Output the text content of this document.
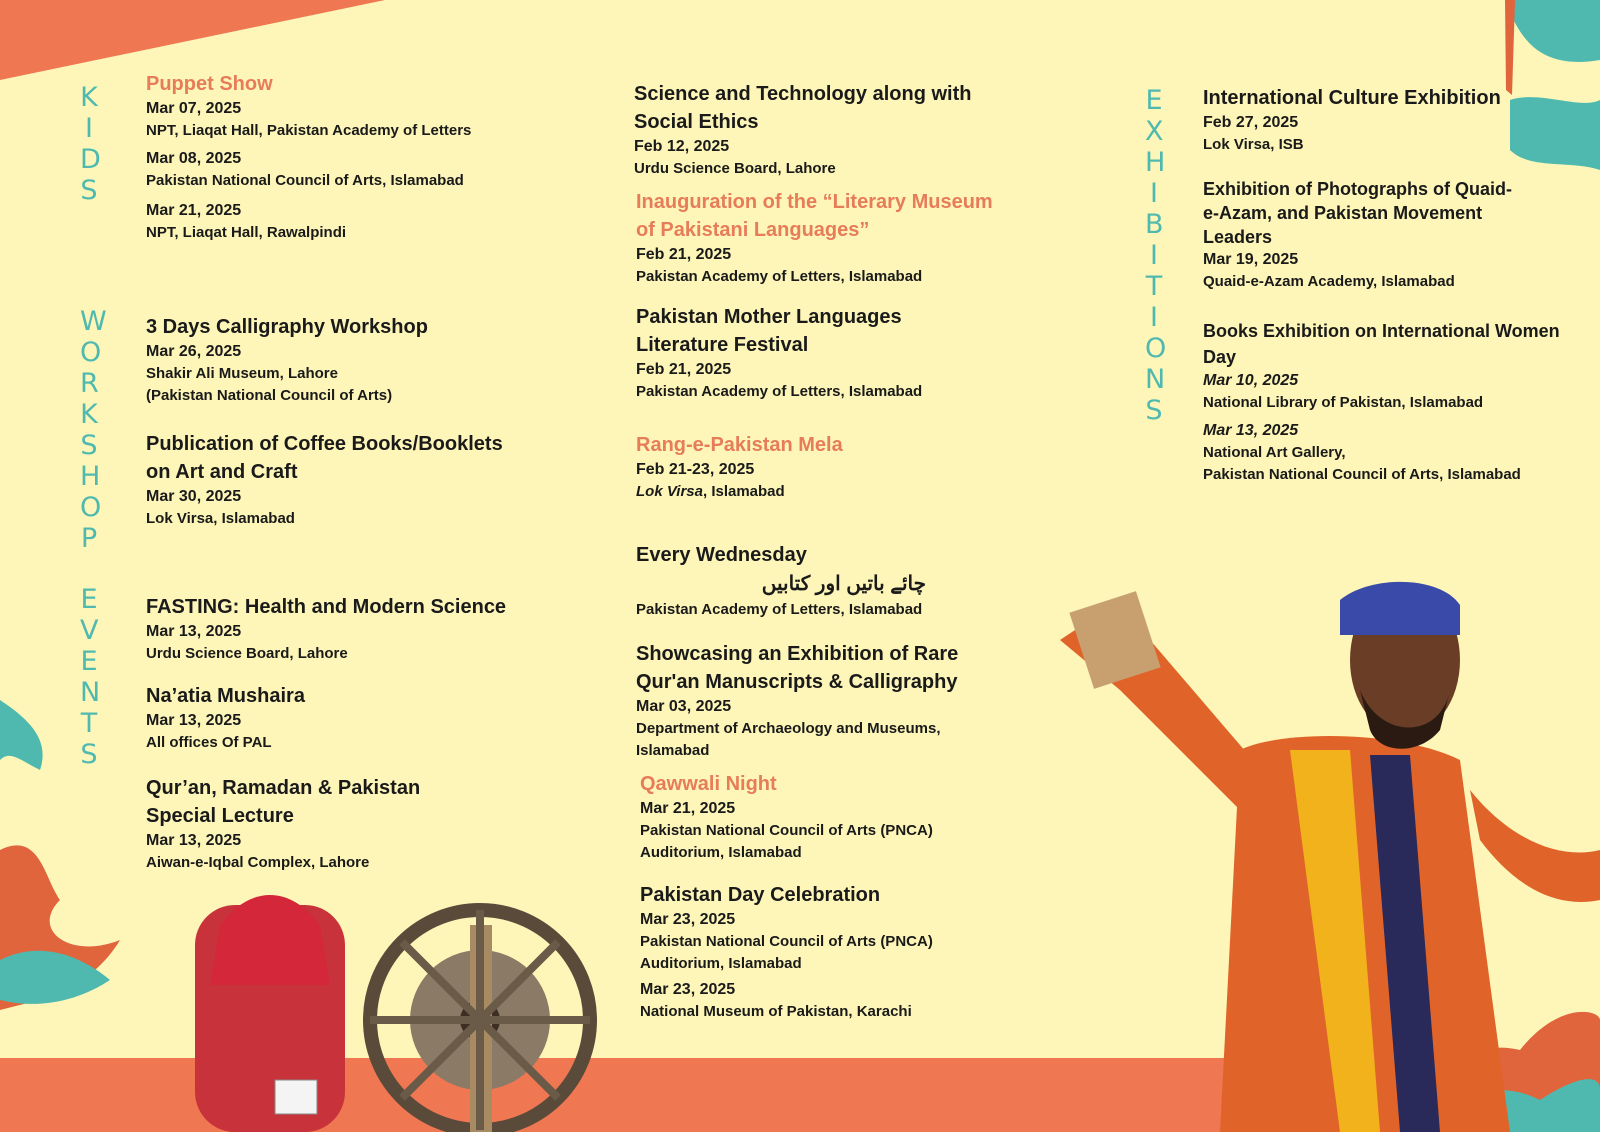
KIDS
WORKSHOP
EVENTS
EXHIBITIONS
Puppet Show
Mar 07, 2025
NPT, Liaqat Hall, Pakistan Academy of Letters
Mar 08, 2025
Pakistan National Council of Arts, Islamabad
Mar 21, 2025
NPT, Liaqat Hall, Rawalpindi
3 Days Calligraphy Workshop
Mar 26, 2025
Shakir Ali Museum, Lahore
(Pakistan National Council of Arts)
Publication of Coffee Books/Booklets
on Art and Craft
Mar 30, 2025
Lok Virsa, Islamabad
FASTING: Health and Modern Science
Mar 13, 2025
Urdu Science Board, Lahore
Na’atia Mushaira
Mar 13, 2025
All offices Of PAL
Qur’an, Ramadan & Pakistan
Special Lecture
Mar 13, 2025
Aiwan-e-Iqbal Complex, Lahore
Science and Technology along with
Social Ethics
Feb 12, 2025
Urdu Science Board, Lahore
Inauguration of the “Literary Museum
of Pakistani Languages”
Feb 21, 2025
Pakistan Academy of Letters, Islamabad
Pakistan Mother Languages
Literature Festival
Feb 21, 2025
Pakistan Academy of Letters, Islamabad
Rang-e-Pakistan Mela
Feb 21-23, 2025
Lok Virsa, Islamabad
Every Wednesday
چائے باتیں اور کتابیں
Pakistan Academy of Letters, Islamabad
Showcasing an Exhibition of Rare
Qur'an Manuscripts & Calligraphy
Mar 03, 2025
Department of Archaeology and Museums,
Islamabad
Qawwali Night
Mar 21, 2025
Pakistan National Council of Arts (PNCA)
Auditorium, Islamabad
Pakistan Day Celebration
Mar 23, 2025
Pakistan National Council of Arts (PNCA)
Auditorium, Islamabad
Mar 23, 2025
National Museum of Pakistan, Karachi
International Culture Exhibition
Feb 27, 2025
Lok Virsa, ISB
Exhibition of Photographs of Quaid-
e-Azam, and Pakistan Movement
Leaders
Mar 19, 2025
Quaid-e-Azam Academy, Islamabad
Books Exhibition on International Women
Day
Mar 10, 2025
National Library of Pakistan, Islamabad
Mar 13, 2025
National Art Gallery,
Pakistan National Council of Arts, Islamabad
